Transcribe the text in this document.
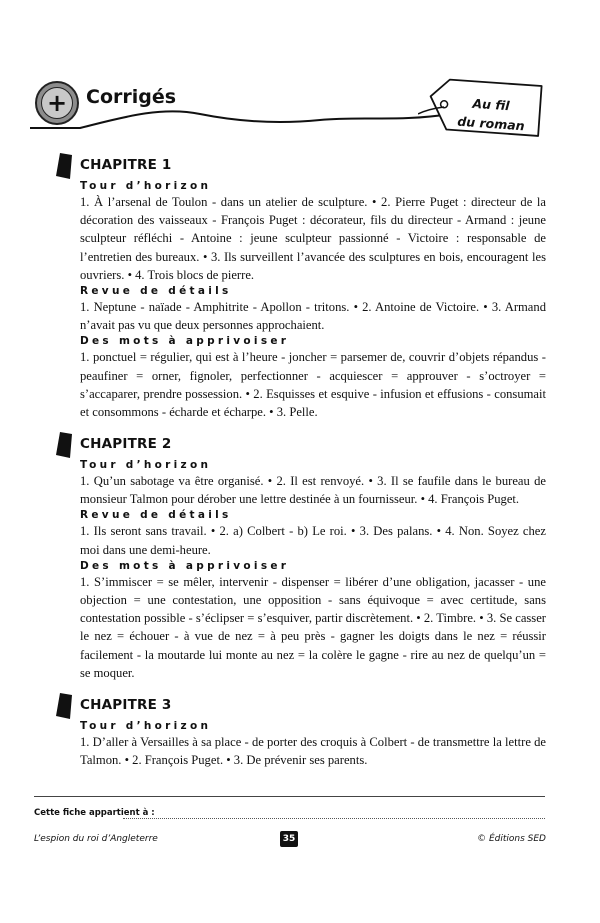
+ Corrigés	Au fil
du roman
CHAPITRE 1
Tour d’horizon

1. À l’arsenal de Toulon - dans un atelier de sculpture. • 2. Pierre Puget : directeur de la décoration des vaisseaux - François Puget : décorateur, fils du directeur - Armand : jeune sculpteur réfléchi - Antoine : jeune sculpteur passionné - Victoire : responsable de l’entretien des bureaux. • 3. Ils surveillent l’avancée des sculptures en bois, encouragent les ouvriers. • 4. Trois blocs de pierre.

Revue de détails

1. Neptune - naïade - Amphitrite - Apollon - tritons. • 2. Antoine de Victoire. • 3. Armand n’avait pas vu que deux personnes approchaient.

Des mots à apprivoiser

1. ponctuel = régulier, qui est à l’heure - joncher = parsemer de, couvrir d’objets répandus - peaufiner = orner, fignoler, perfectionner - acquiescer = approuver - s’octroyer = s’accaparer, prendre possession. • 2. Esquisses et esquive - infusion et effusions - consumait et consommons - écharde et écharpe. • 3. Pelle.

CHAPITRE 2
Tour d’horizon

1. Qu’un sabotage va être organisé. • 2. Il est renvoyé. • 3. Il se faufile dans le bureau de monsieur Talmon pour dérober une lettre destinée à un fournisseur. • 4. François Puget.

Revue de détails

1. Ils seront sans travail. • 2. a) Colbert - b) Le roi. • 3. Des palans. • 4. Non. Soyez chez moi dans une demi-heure.

Des mots à apprivoiser

1. S’immiscer = se mêler, intervenir - dispenser = libérer d’une obligation, jacasser - une objection = une contestation, une opposition - sans équivoque = avec certitude, sans contestation possible - s’éclipser = s’esquiver, partir discrètement. • 2. Timbre. • 3. Se casser le nez = échouer - à vue de nez = à peu près - gagner les doigts dans le nez = réussir facilement - la moutarde lui monte au nez = la colère le gagne - rire au nez de quelqu’un = se moquer.

CHAPITRE 3
Tour d’horizon

1. D’aller à Versailles à sa place - de porter des croquis à Colbert - de transmettre la lettre de Talmon. • 2. François Puget. • 3. De prévenir ses parents.

Cette fiche appartient à :
L’espion du roi d’Angleterre	35	© Éditions SED
